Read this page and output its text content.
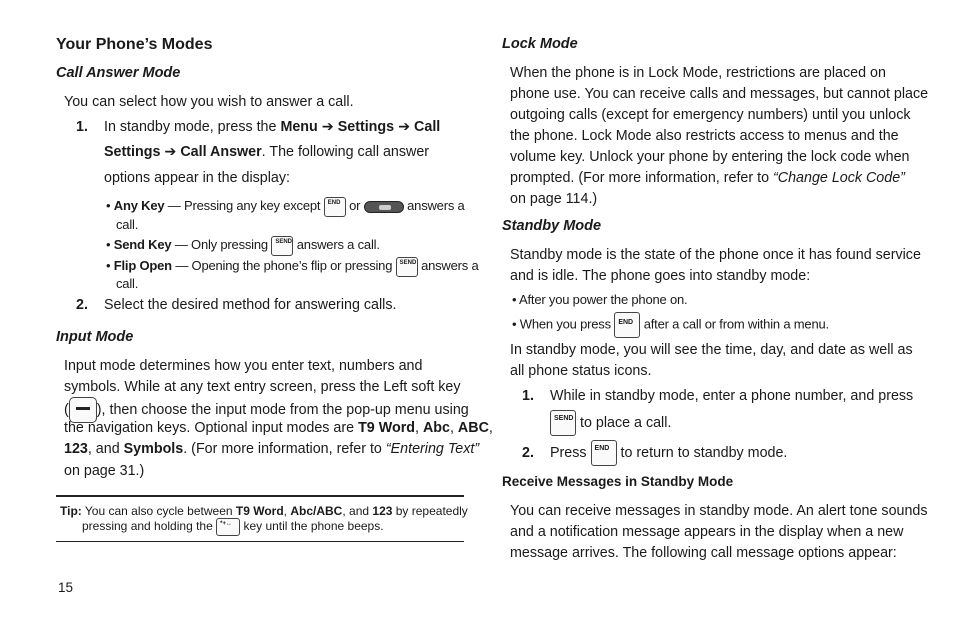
Your Phone’s Modes
Call Answer Mode
You can select how you wish to answer a call.
1. In standby mode, press the Menu ➔ Settings ➔ Call
Settings ➔ Call Answer. The following call answer
options appear in the display:
• Any Key — Pressing any key except END or	answers a
call.
• Send Key — Only pressing SEND answers a call.
• Flip Open — Opening the phone’s flip or pressing SEND answers a
call.
2. Select the desired method for answering calls.
Input Mode
Input mode determines how you enter text, numbers and
symbols. While at any text entry screen, press the Left soft key
( ), then choose the input mode from the pop-up menu using
the navigation keys. Optional input modes are T9 Word, Abc, ABC,
123, and Symbols. (For more information, refer to “Entering Text”
on page 31.)
Tip: You can also cycle between T9 Word, Abc/ABC, and 123 by repeatedly
pressing and holding the *+↔ key until the phone beeps.
15
Lock Mode
When the phone is in Lock Mode, restrictions are placed on
phone use. You can receive calls and messages, but cannot place
outgoing calls (except for emergency numbers) until you unlock
the phone. Lock Mode also restricts access to menus and the
volume key. Unlock your phone by entering the lock code when
prompted. (For more information, refer to “Change Lock Code”
on page 114.)
Standby Mode
Standby mode is the state of the phone once it has found service
and is idle. The phone goes into standby mode:
• After you power the phone on.
• When you press END after a call or from within a menu.
In standby mode, you will see the time, day, and date as well as
all phone status icons.
1. While in standby mode, enter a phone number, and press
SEND to place a call.
2. Press END to return to standby mode.
Receive Messages in Standby Mode
You can receive messages in standby mode. An alert tone sounds
and a notification message appears in the display when a new
message arrives. The following call message options appear:
